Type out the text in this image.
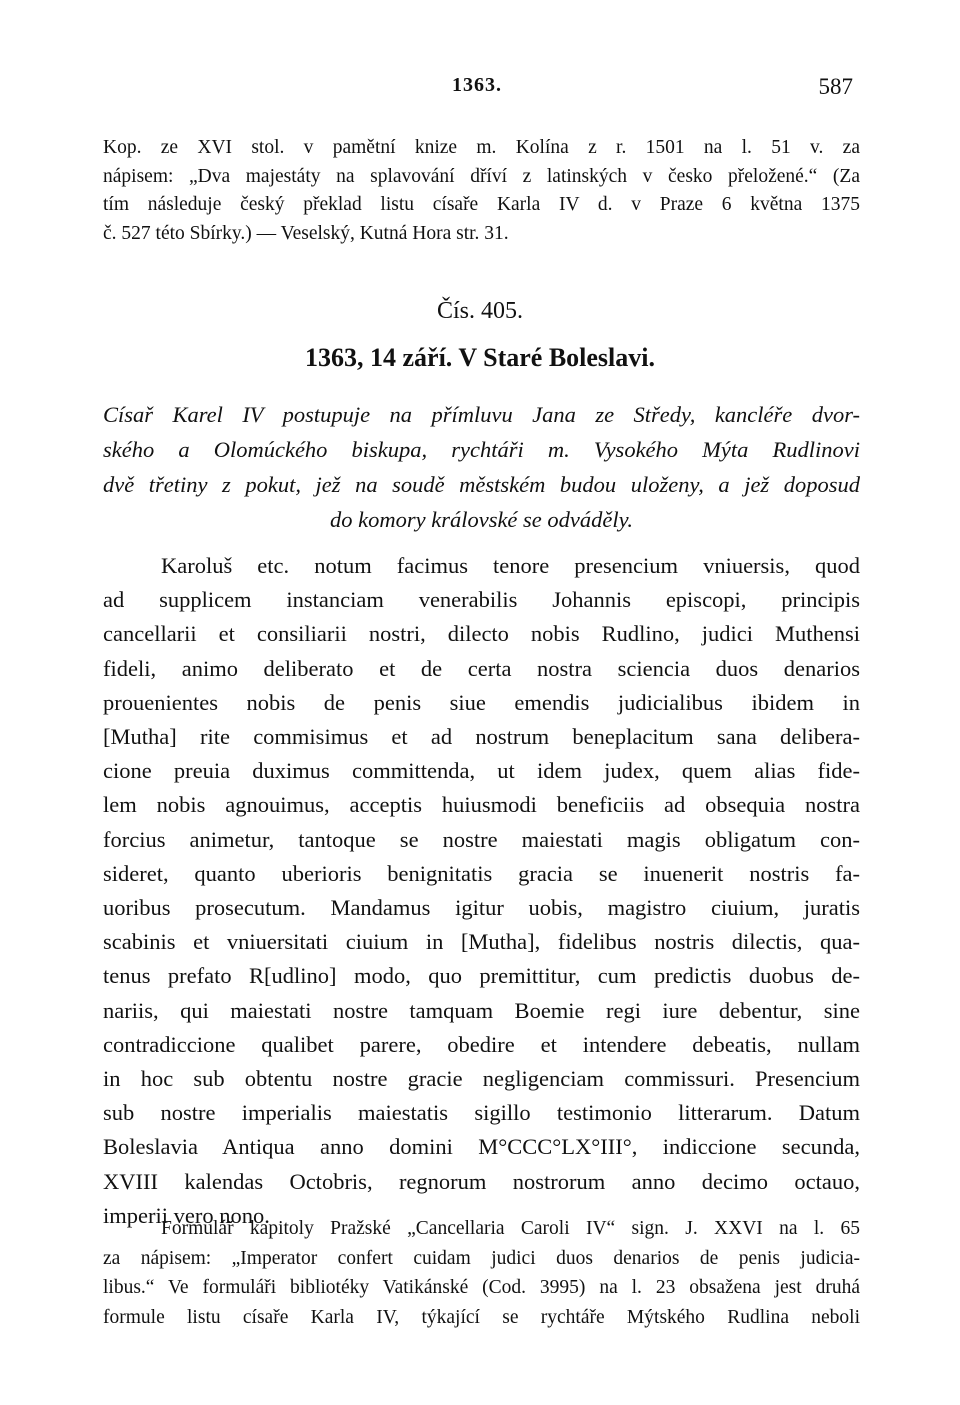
1363.	587
Kop. ze XVI stol. v pamětní knize m. Kolína z r. 1501 na l. 51 v. za
nápisem: „Dva majestáty na splavování dříví z latinských v česko přeložené.“ (Za
tím následuje český překlad listu císaře Karla IV d. v Praze 6 května 1375
č. 527 této Sbírky.) — Veselský, Kutná Hora str. 31.
Čís. 405.
1363, 14 září. V Staré Boleslavi.
Císař Karel IV postupuje na přímluvu Jana ze Středy, kancléře dvor-
ského a Olomúckého biskupa, rychtáři m. Vysokého Mýta Rudlinovi
dvě třetiny z pokut, jež na soudě městském budou uloženy, a jež doposud
do komory královské se odváděly.
Karoluš etc. notum facimus tenore presencium vniuersis, quod
ad supplicem instanciam venerabilis Johannis episcopi, principis
cancellarii et consiliarii nostri, dilecto nobis Rudlino, judici Muthensi
fideli, animo deliberato et de certa nostra sciencia duos denarios
prouenientes nobis de penis siue emendis judicialibus ibidem in
[Mutha] rite commisimus et ad nostrum beneplacitum sana delibera-
cione preuia duximus committenda, ut idem judex, quem alias fide-
lem nobis agnouimus, acceptis huiusmodi beneficiis ad obsequia nostra
forcius animetur, tantoque se nostre maiestati magis obligatum con-
sideret, quanto uberioris benignitatis gracia se inuenerit nostris fa-
uoribus prosecutum. Mandamus igitur uobis, magistro ciuium, juratis
scabinis et vniuersitati ciuium in [Mutha], fidelibus nostris dilectis, qua-
tenus prefato R[udlino] modo, quo premittitur, cum predictis duobus de-
nariis, qui maiestati nostre tamquam Boemie regi iure debentur, sine
contradiccione qualibet parere, obedire et intendere debeatis, nullam
in hoc sub obtentu nostre gracie negligenciam commissuri. Presencium
sub nostre imperialis maiestatis sigillo testimonio litterarum. Datum
Boleslavia Antiqua anno domini M°CCC°LX°III°, indiccione secunda,
XVIII kalendas Octobris, regnorum nostrorum anno decimo octauo,
imperii vero nono.
Formulář kapitoly Pražské „Cancellaria Caroli IV“ sign. J. XXVI na l. 65
za nápisem: „Imperator confert cuidam judici duos denarios de penis judicia-
libus.“ Ve formuláři bibliotéky Vatikánské (Cod. 3995) na l. 23 obsažena jest druhá
formule listu císaře Karla IV, týkající se rychtáře Mýtského Rudlina neboli
